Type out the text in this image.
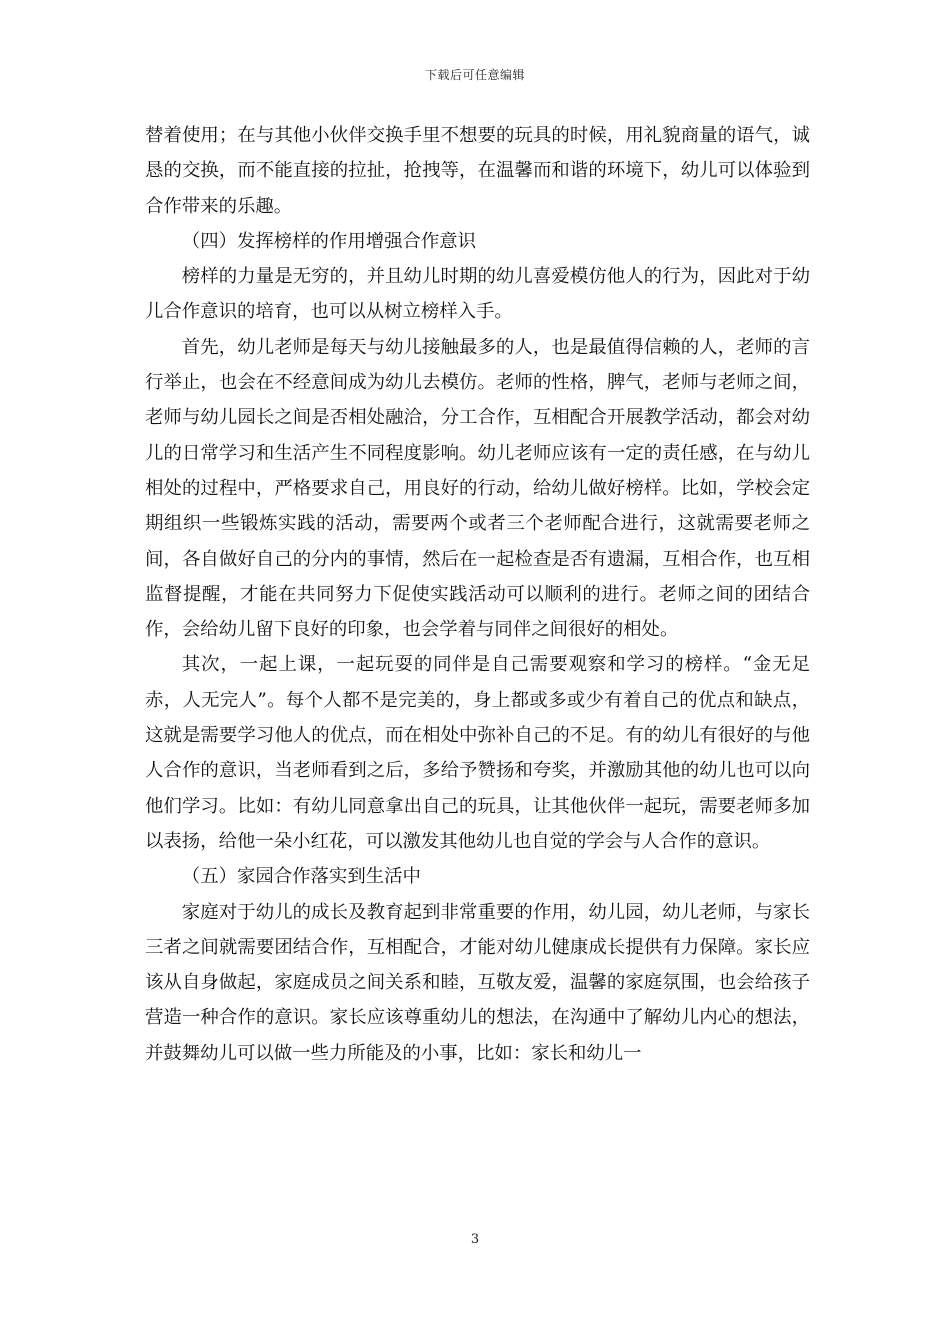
下载后可任意编辑

替着使用；在与其他小伙伴交换手里不想要的玩具的时候，用礼貌商量的语气，诚恳的交换，而不能直接的拉扯，抢拽等，在温馨而和谐的环境下，幼儿可以体验到合作带来的乐趣。

（四）发挥榜样的作用增强合作意识

榜样的力量是无穷的，并且幼儿时期的幼儿喜爱模仿他人的行为，因此对于幼儿合作意识的培育，也可以从树立榜样入手。

首先，幼儿老师是每天与幼儿接触最多的人，也是最值得信赖的人，老师的言行举止，也会在不经意间成为幼儿去模仿。老师的性格，脾气，老师与老师之间，老师与幼儿园长之间是否相处融洽，分工合作，互相配合开展教学活动，都会对幼儿的日常学习和生活产生不同程度影响。幼儿老师应该有一定的责任感，在与幼儿相处的过程中，严格要求自己，用良好的行动，给幼儿做好榜样。比如，学校会定期组织一些锻炼实践的活动，需要两个或者三个老师配合进行，这就需要老师之间，各自做好自己的分内的事情，然后在一起检查是否有遗漏，互相合作，也互相监督提醒，才能在共同努力下促使实践活动可以顺利的进行。老师之间的团结合作，会给幼儿留下良好的印象，也会学着与同伴之间很好的相处。

其次，一起上课，一起玩耍的同伴是自己需要观察和学习的榜样。“金无足赤，人无完人”。每个人都不是完美的，身上都或多或少有着自己的优点和缺点，这就是需要学习他人的优点，而在相处中弥补自己的不足。有的幼儿有很好的与他人合作的意识，当老师看到之后，多给予赞扬和夸奖，并激励其他的幼儿也可以向他们学习。比如：有幼儿同意拿出自己的玩具，让其他伙伴一起玩，需要老师多加以表扬，给他一朵小红花，可以激发其他幼儿也自觉的学会与人合作的意识。

（五）家园合作落实到生活中

家庭对于幼儿的成长及教育起到非常重要的作用，幼儿园，幼儿老师，与家长三者之间就需要团结合作，互相配合，才能对幼儿健康成长提供有力保障。家长应该从自身做起，家庭成员之间关系和睦，互敬友爱，温馨的家庭氛围，也会给孩子营造一种合作的意识。家长应该尊重幼儿的想法，在沟通中了解幼儿内心的想法，并鼓舞幼儿可以做一些力所能及的小事，比如：家长和幼儿一

3
